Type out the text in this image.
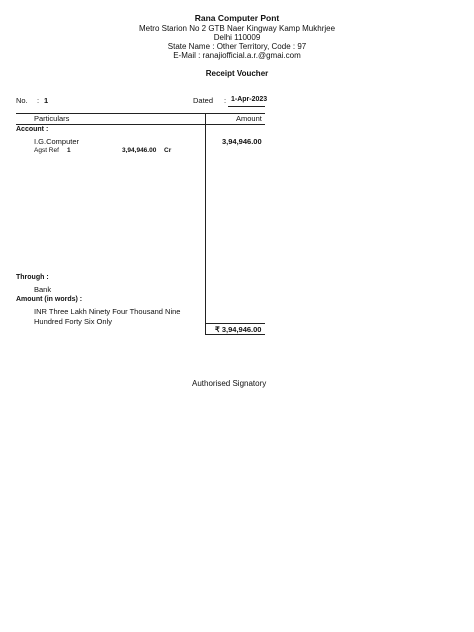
Rana Computer Pont
Metro Starion No 2 GTB Naer Kingway Kamp Mukhrjee
Delhi 110009
State Name : Other Territory, Code : 97
E-Mail : ranajiofficial.a.r.@gmai.com
Receipt Voucher
No. : 1	Dated : 1-Apr-2023
Particulars	Amount
Account :
I.G.Computer	3,94,946.00
Agst Ref 1	3,94,946.00 Cr
Through :
Bank
Amount (in words) :
INR Three Lakh Ninety Four Thousand Nine
Hundred Forty Six Only
₹ 3,94,946.00
Authorised Signatory
